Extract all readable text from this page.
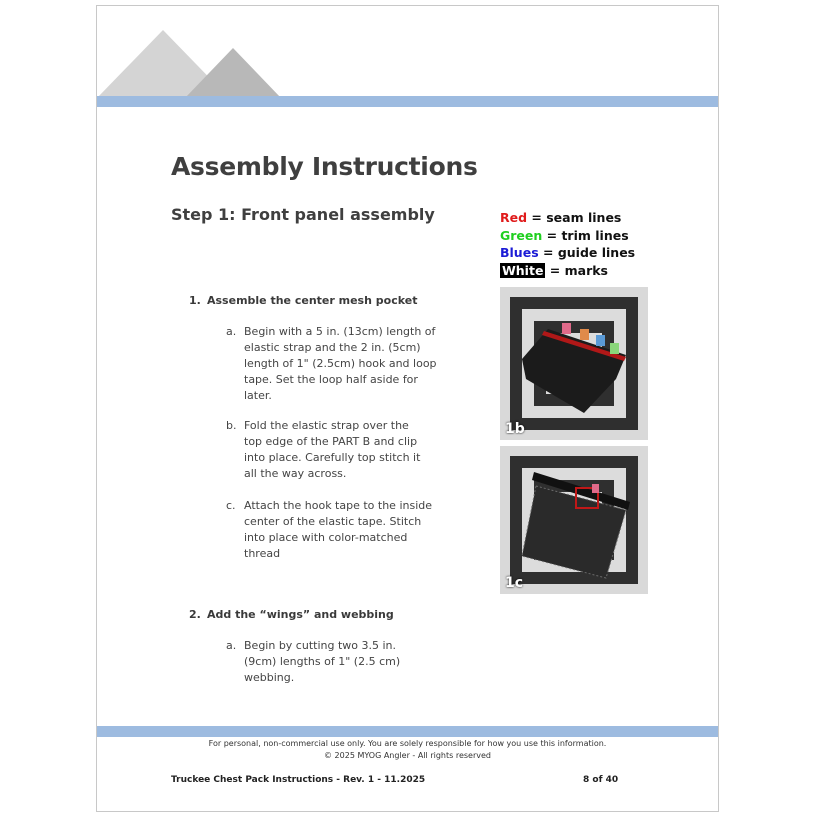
Assembly Instructions
Step 1: Front panel assembly	Red = seam lines
Green = trim lines
Blues = guide lines
White = marks
1. Assemble the center mesh pocket
a. Begin with a 5 in. (13cm) length of elastic strap and the 2 in. (5cm) length of 1" (2.5cm) hook and loop tape. Set the loop half aside for later.
b. Fold the elastic strap over the top edge of the PART B and clip into place. Carefully top stitch it all the way across.
c. Attach the hook tape to the inside center of the elastic tape. Stitch into place with color-matched thread
2. Add the “wings” and webbing
a. Begin by cutting two 3.5 in. (9cm) lengths of 1" (2.5 cm) webbing.
1b
1c
For personal, non-commercial use only. You are solely responsible for how you use this information.
© 2025 MYOG Angler - All rights reserved
Truckee Chest Pack Instructions - Rev. 1 - 11.2025	8 of 40
